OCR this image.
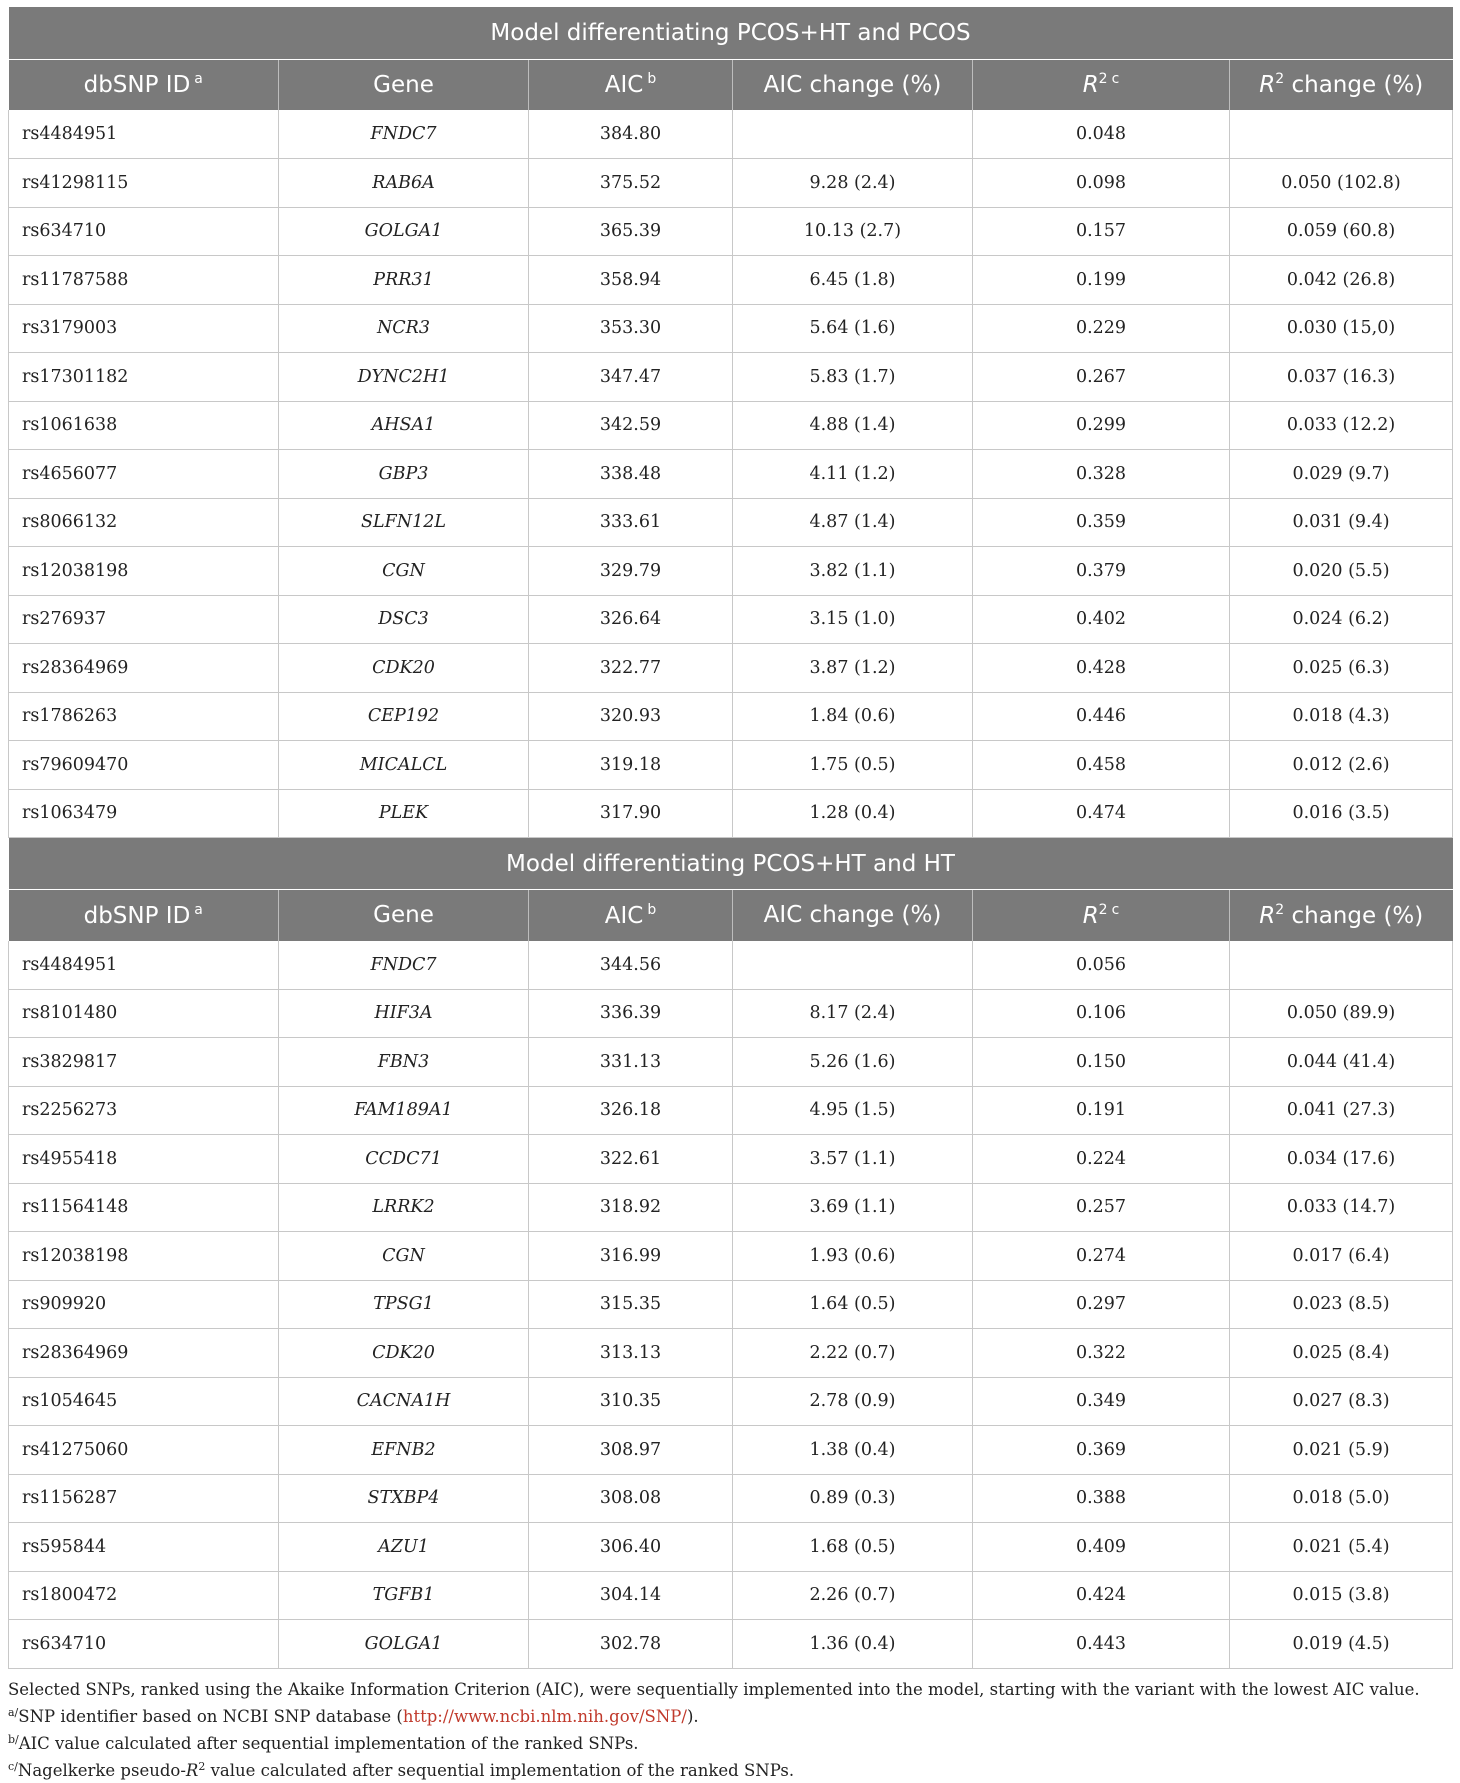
Model differentiating PCOS+HT and PCOS					
dbSNP ID $^a$	Gene	AIC $^b$	AIC change (%)	$R^2$ $^c$	$R^2$ change (%)
rs4484951	FNDC7	384.80		0.048	
rs41298115	RAB6A	375.52	9.28 (2.4)	0.098	0.050 (102.8)
rs634710	GOLGA1	365.39	10.13 (2.7)	0.157	0.059 (60.8)
rs11787588	PRR31	358.94	6.45 (1.8)	0.199	0.042 (26.8)
rs3179003	NCR3	353.30	5.64 (1.6)	0.229	0.030 (15,0)
rs17301182	DYNC2H1	347.47	5.83 (1.7)	0.267	0.037 (16.3)
rs1061638	AHSA1	342.59	4.88 (1.4)	0.299	0.033 (12.2)
rs4656077	GBP3	338.48	4.11 (1.2)	0.328	0.029 (9.7)
rs8066132	SLFN12L	333.61	4.87 (1.4)	0.359	0.031 (9.4)
rs12038198	CGN	329.79	3.82 (1.1)	0.379	0.020 (5.5)
rs276937	DSC3	326.64	3.15 (1.0)	0.402	0.024 (6.2)
rs28364969	CDK20	322.77	3.87 (1.2)	0.428	0.025 (6.3)
rs1786263	CEP192	320.93	1.84 (0.6)	0.446	0.018 (4.3)
rs79609470	MICALCL	319.18	1.75 (0.5)	0.458	0.012 (2.6)
rs1063479	PLEK	317.90	1.28 (0.4)	0.474	0.016 (3.5)
Model differentiating PCOS+HT and HT					
dbSNP ID $^a$	Gene	AIC $^b$	AIC change (%)	$R^2$ $^c$	$R^2$ change (%)
rs4484951	FNDC7	344.56		0.056	
rs8101480	HIF3A	336.39	8.17 (2.4)	0.106	0.050 (89.9)
rs3829817	FBN3	331.13	5.26 (1.6)	0.150	0.044 (41.4)
rs2256273	FAM189A1	326.18	4.95 (1.5)	0.191	0.041 (27.3)
rs4955418	CCDC71	322.61	3.57 (1.1)	0.224	0.034 (17.6)
rs11564148	LRRK2	318.92	3.69 (1.1)	0.257	0.033 (14.7)
rs12038198	CGN	316.99	1.93 (0.6)	0.274	0.017 (6.4)
rs909920	TPSG1	315.35	1.64 (0.5)	0.297	0.023 (8.5)
rs28364969	CDK20	313.13	2.22 (0.7)	0.322	0.025 (8.4)
rs1054645	CACNA1H	310.35	2.78 (0.9)	0.349	0.027 (8.3)
rs41275060	EFNB2	308.97	1.38 (0.4)	0.369	0.021 (5.9)
rs1156287	STXBP4	308.08	0.89 (0.3)	0.388	0.018 (5.0)
rs595844	AZU1	306.40	1.68 (0.5)	0.409	0.021 (5.4)
rs1800472	TGFB1	304.14	2.26 (0.7)	0.424	0.015 (3.8)
rs634710	GOLGA1	302.78	1.36 (0.4)	0.443	0.019 (4.5)

Selected SNPs, ranked using the Akaike Information Criterion (AIC), were sequentially implemented into the model, starting with the variant with the lowest AIC value.

$^{a/}$SNP identifier based on NCBI SNP database (http://www.ncbi.nlm.nih.gov/SNP/).

$^{b/}$AIC value calculated after sequential implementation of the ranked SNPs.

$^{c/}$Nagelkerke pseudo-$R^2$ value calculated after sequential implementation of the ranked SNPs.
